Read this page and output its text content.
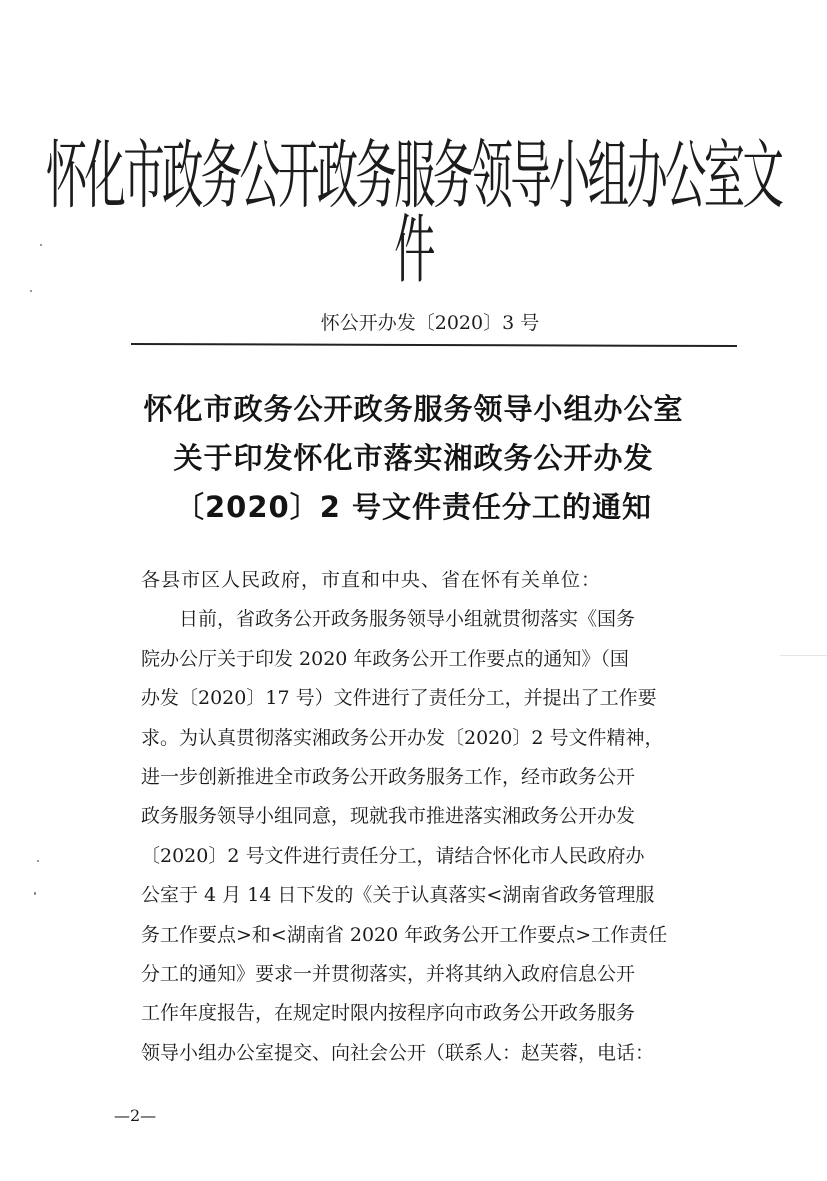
怀化市政务公开政务服务领导小组办公室文件
怀公开办发〔2020〕3 号
怀化市政务公开政务服务领导小组办公室
关于印发怀化市落实湘政务公开办发
〔2020〕2 号文件责任分工的通知
各县市区人民政府，市直和中央、省在怀有关单位：
日前，省政务公开政务服务领导小组就贯彻落实《国务
院办公厅关于印发 2020 年政务公开工作要点的通知》（国
办发〔2020〕17 号）文件进行了责任分工，并提出了工作要
求。为认真贯彻落实湘政务公开办发〔2020〕2 号文件精神，
进一步创新推进全市政务公开政务服务工作，经市政务公开
政务服务领导小组同意，现就我市推进落实湘政务公开办发
〔2020〕2 号文件进行责任分工，请结合怀化市人民政府办
公室于 4 月 14 日下发的《关于认真落实<湖南省政务管理服
务工作要点>和<湖南省 2020 年政务公开工作要点>工作责任
分工的通知》要求一并贯彻落实，并将其纳入政府信息公开
工作年度报告，在规定时限内按程序向市政务公开政务服务
领导小组办公室提交、向社会公开（联系人：赵芙蓉，电话：
—2—
